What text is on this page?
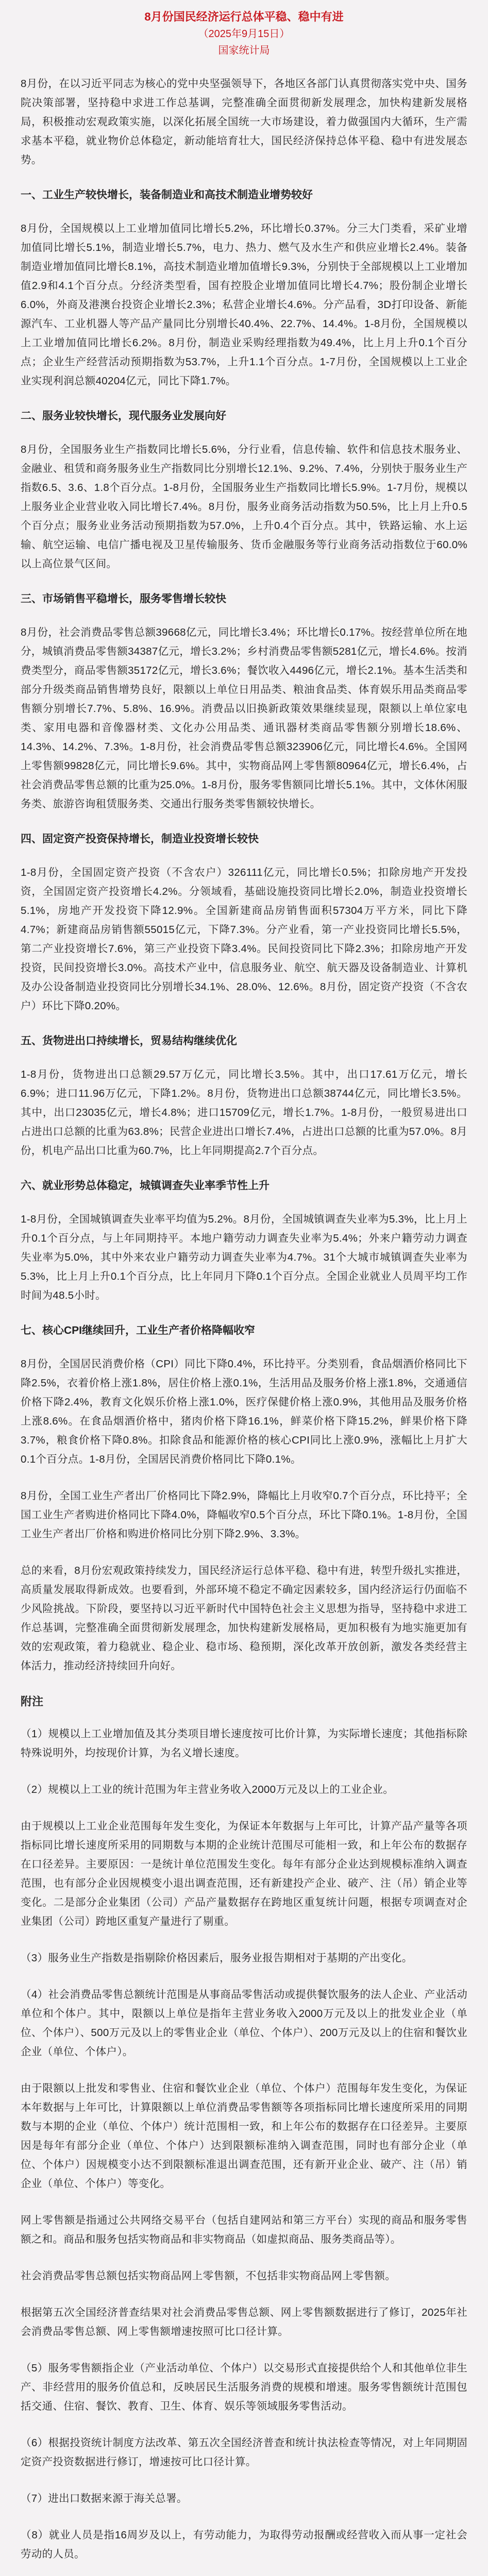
8月份国民经济运行总体平稳、稳中有进
（2025年9月15日）
国家统计局

8月份，在以习近平同志为核心的党中央坚强领导下，各地区各部门认真贯彻落实党中央、国务院决策部署，坚持稳中求进工作总基调，完整准确全面贯彻新发展理念，加快构建新发展格局，积极推动宏观政策实施，以深化拓展全国统一大市场建设，着力做强国内大循环，生产需求基本平稳，就业物价总体稳定，新动能培育壮大，国民经济保持总体平稳、稳中有进发展态势。

一、工业生产较快增长，装备制造业和高技术制造业增势较好

8月份，全国规模以上工业增加值同比增长5.2%，环比增长0.37%。分三大门类看，采矿业增加值同比增长5.1%，制造业增长5.7%，电力、热力、燃气及水生产和供应业增长2.4%。装备制造业增加值同比增长8.1%，高技术制造业增加值增长9.3%，分别快于全部规模以上工业增加值2.9和4.1个百分点。分经济类型看，国有控股企业增加值同比增长4.7%；股份制企业增长6.0%，外商及港澳台投资企业增长2.3%；私营企业增长4.6%。分产品看，3D打印设备、新能源汽车、工业机器人等产品产量同比分别增长40.4%、22.7%、14.4%。1-8月份，全国规模以上工业增加值同比增长6.2%。8月份，制造业采购经理指数为49.4%，比上月上升0.1个百分点；企业生产经营活动预期指数为53.7%，上升1.1个百分点。1-7月份，全国规模以上工业企业实现利润总额40204亿元，同比下降1.7%。

二、服务业较快增长，现代服务业发展向好

8月份，全国服务业生产指数同比增长5.6%，分行业看，信息传输、软件和信息技术服务业、金融业、租赁和商务服务业生产指数同比分别增长12.1%、9.2%、7.4%，分别快于服务业生产指数6.5、3.6、1.8个百分点。1-8月份，全国服务业生产指数同比增长5.9%。1-7月份，规模以上服务业企业营业收入同比增长7.4%。8月份，服务业商务活动指数为50.5%，比上月上升0.5个百分点；服务业业务活动预期指数为57.0%，上升0.4个百分点。其中，铁路运输、水上运输、航空运输、电信广播电视及卫星传输服务、货币金融服务等行业商务活动指数位于60.0%以上高位景气区间。

三、市场销售平稳增长，服务零售增长较快

8月份，社会消费品零售总额39668亿元，同比增长3.4%；环比增长0.17%。按经营单位所在地分，城镇消费品零售额34387亿元，增长3.2%；乡村消费品零售额5281亿元，增长4.6%。按消费类型分，商品零售额35172亿元，增长3.6%；餐饮收入4496亿元，增长2.1%。基本生活类和部分升级类商品销售增势良好，限额以上单位日用品类、粮油食品类、体育娱乐用品类商品零售额分别增长7.7%、5.8%、16.9%。消费品以旧换新政策效果继续显现，限额以上单位家电类、家用电器和音像器材类、文化办公用品类、通讯器材类商品零售额分别增长18.6%、14.3%、14.2%、7.3%。1-8月份，社会消费品零售总额323906亿元，同比增长4.6%。全国网上零售额99828亿元，同比增长9.6%。其中，实物商品网上零售额80964亿元，增长6.4%，占社会消费品零售总额的比重为25.0%。1-8月份，服务零售额同比增长5.1%。其中，文体休闲服务类、旅游咨询租赁服务类、交通出行服务类零售额较快增长。

四、固定资产投资保持增长，制造业投资增长较快

1-8月份，全国固定资产投资（不含农户）326111亿元，同比增长0.5%；扣除房地产开发投资，全国固定资产投资增长4.2%。分领域看，基础设施投资同比增长2.0%，制造业投资增长5.1%，房地产开发投资下降12.9%。全国新建商品房销售面积57304万平方米，同比下降4.7%；新建商品房销售额55015亿元，下降7.3%。分产业看，第一产业投资同比增长5.5%，第二产业投资增长7.6%，第三产业投资下降3.4%。民间投资同比下降2.3%；扣除房地产开发投资，民间投资增长3.0%。高技术产业中，信息服务业、航空、航天器及设备制造业、计算机及办公设备制造业投资同比分别增长34.1%、28.0%、12.6%。8月份，固定资产投资（不含农户）环比下降0.20%。

五、货物进出口持续增长，贸易结构继续优化

1-8月份，货物进出口总额29.57万亿元，同比增长3.5%。其中，出口17.61万亿元，增长6.9%；进口11.96万亿元，下降1.2%。8月份，货物进出口总额38744亿元，同比增长3.5%。其中，出口23035亿元，增长4.8%；进口15709亿元，增长1.7%。1-8月份，一般贸易进出口占进出口总额的比重为63.8%；民营企业进出口增长7.4%，占进出口总额的比重为57.0%。8月份，机电产品出口比重为60.7%，比上年同期提高2.7个百分点。

六、就业形势总体稳定，城镇调查失业率季节性上升

1-8月份，全国城镇调查失业率平均值为5.2%。8月份，全国城镇调查失业率为5.3%，比上月上升0.1个百分点，与上年同期持平。本地户籍劳动力调查失业率为5.4%；外来户籍劳动力调查失业率为5.0%，其中外来农业户籍劳动力调查失业率为4.7%。31个大城市城镇调查失业率为5.3%，比上月上升0.1个百分点，比上年同月下降0.1个百分点。全国企业就业人员周平均工作时间为48.5小时。

七、核心CPI继续回升，工业生产者价格降幅收窄

8月份，全国居民消费价格（CPI）同比下降0.4%，环比持平。分类别看，食品烟酒价格同比下降2.5%，衣着价格上涨1.8%，居住价格上涨0.1%，生活用品及服务价格上涨1.8%，交通通信价格下降2.4%，教育文化娱乐价格上涨1.0%，医疗保健价格上涨0.9%，其他用品及服务价格上涨8.6%。在食品烟酒价格中，猪肉价格下降16.1%，鲜菜价格下降15.2%，鲜果价格下降3.7%，粮食价格下降0.8%。扣除食品和能源价格的核心CPI同比上涨0.9%，涨幅比上月扩大0.1个百分点。1-8月份，全国居民消费价格同比下降0.1%。

8月份，全国工业生产者出厂价格同比下降2.9%，降幅比上月收窄0.7个百分点，环比持平；全国工业生产者购进价格同比下降4.0%，降幅收窄0.5个百分点，环比下降0.1%。1-8月份，全国工业生产者出厂价格和购进价格同比分别下降2.9%、3.3%。

总的来看，8月份宏观政策持续发力，国民经济运行总体平稳、稳中有进，转型升级扎实推进，高质量发展取得新成效。也要看到，外部环境不稳定不确定因素较多，国内经济运行仍面临不少风险挑战。下阶段，要坚持以习近平新时代中国特色社会主义思想为指导，坚持稳中求进工作总基调，完整准确全面贯彻新发展理念，加快构建新发展格局，更加积极有为地实施更加有效的宏观政策，着力稳就业、稳企业、稳市场、稳预期，深化改革开放创新，激发各类经营主体活力，推动经济持续回升向好。

附注

（1）规模以上工业增加值及其分类项目增长速度按可比价计算，为实际增长速度；其他指标除特殊说明外，均按现价计算，为名义增长速度。

（2）规模以上工业的统计范围为年主营业务收入2000万元及以上的工业企业。

由于规模以上工业企业范围每年发生变化，为保证本年数据与上年可比，计算产品产量等各项指标同比增长速度所采用的同期数与本期的企业统计范围尽可能相一致，和上年公布的数据存在口径差异。主要原因：一是统计单位范围发生变化。每年有部分企业达到规模标准纳入调查范围，也有部分企业因规模变小退出调查范围，还有新建投产企业、破产、注（吊）销企业等变化。二是部分企业集团（公司）产品产量数据存在跨地区重复统计问题，根据专项调查对企业集团（公司）跨地区重复产量进行了剔重。

（3）服务业生产指数是指剔除价格因素后，服务业报告期相对于基期的产出变化。

（4）社会消费品零售总额统计范围是从事商品零售活动或提供餐饮服务的法人企业、产业活动单位和个体户。其中，限额以上单位是指年主营业务收入2000万元及以上的批发业企业（单位、个体户）、500万元及以上的零售业企业（单位、个体户）、200万元及以上的住宿和餐饮业企业（单位、个体户）。

由于限额以上批发和零售业、住宿和餐饮业企业（单位、个体户）范围每年发生变化，为保证本年数据与上年可比，计算限额以上单位消费品零售额等各项指标同比增长速度所采用的同期数与本期的企业（单位、个体户）统计范围相一致，和上年公布的数据存在口径差异。主要原因是每年有部分企业（单位、个体户）达到限额标准纳入调查范围，同时也有部分企业（单位、个体户）因规模变小达不到限额标准退出调查范围，还有新开业企业、破产、注（吊）销企业（单位、个体户）等变化。

网上零售额是指通过公共网络交易平台（包括自建网站和第三方平台）实现的商品和服务零售额之和。商品和服务包括实物商品和非实物商品（如虚拟商品、服务类商品等）。

社会消费品零售总额包括实物商品网上零售额，不包括非实物商品网上零售额。

根据第五次全国经济普查结果对社会消费品零售总额、网上零售额数据进行了修订，2025年社会消费品零售总额、网上零售额增速按照可比口径计算。

（5）服务零售额指企业（产业活动单位、个体户）以交易形式直接提供给个人和其他单位非生产、非经营用的服务价值总和，反映居民生活服务消费的规模和增速。服务零售额统计范围包括交通、住宿、餐饮、教育、卫生、体育、娱乐等领域服务零售活动。

（6）根据投资统计制度方法改革、第五次全国经济普查和统计执法检查等情况，对上年同期固定资产投资数据进行修订，增速按可比口径计算。

（7）进出口数据来源于海关总署。

（8）就业人员是指16周岁及以上，有劳动能力，为取得劳动报酬或经营收入而从事一定社会劳动的人员。
